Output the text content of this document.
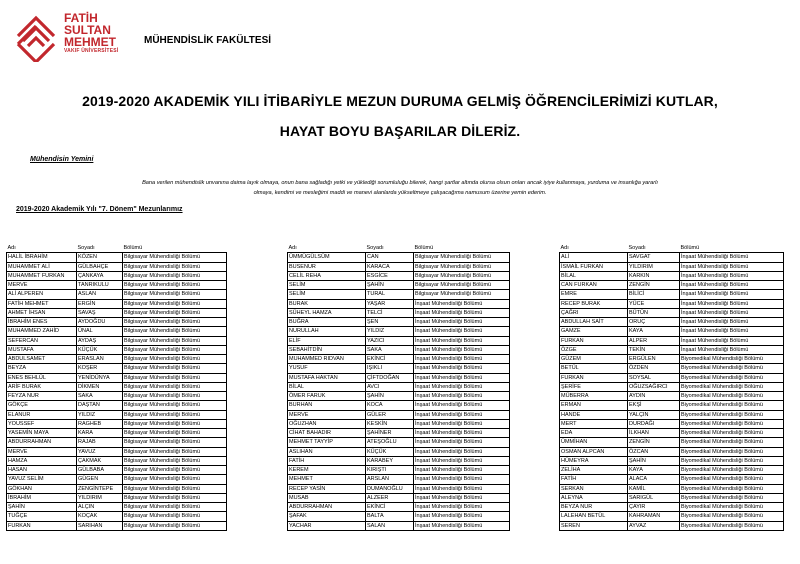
FATİH
SULTAN
MEHMET
VAKIF ÜNİVERSİTESİ
MÜHENDİSLİK FAKÜLTESİ
2019-2020 AKADEMİK YILI İTİBARİYLE MEZUN DURUMA GELMİŞ ÖĞRENCİLERİMİZİ KUTLAR,
HAYAT BOYU BAŞARILAR DİLERİZ.
Mühendisin Yemini
Bana verilen mühendislik unvanına daima layık olmaya, onun bana sağladığı yetki ve yüklediği sorumluluğu bilerek, hangi şartlar altında olursa olsun onları ancak iyiye kullanmaya, yurduma ve insanlığa yararlı
olmaya, kendimi ve mesleğimi maddi ve manevi alanlarda yükseltmeye çalışacağıma namusum üzerine yemin ederim.
2019-2020 Akademik Yılı "7. Dönem" Mezunlarımız
Adı	Soyadı	Bölümü
HALİL İBRAHİM	KÖZEN	Bilgisayar Mühendisliği Bölümü
MUHAMMET ALİ	GÜLBAHÇE	Bilgisayar Mühendisliği Bölümü
MUHAMMET FURKAN	ÇANKAYA	Bilgisayar Mühendisliği Bölümü
MERVE	TANRIKULU	Bilgisayar Mühendisliği Bölümü
ALİ ALPEREN	ASLAN	Bilgisayar Mühendisliği Bölümü
FATİH MEHMET	ERGİN	Bilgisayar Mühendisliği Bölümü
AHMET İHSAN	SAVAŞ	Bilgisayar Mühendisliği Bölümü
İBRAHİM ENES	AYDOĞDU	Bilgisayar Mühendisliği Bölümü
MUHAMMED ZAHİD	ÜNAL	Bilgisayar Mühendisliği Bölümü
SEFERCAN	AYDAŞ	Bilgisayar Mühendisliği Bölümü
MUSTAFA	KÜÇÜK	Bilgisayar Mühendisliği Bölümü
ABDULSAMET	ERASLAN	Bilgisayar Mühendisliği Bölümü
BEYZA	KOŞER	Bilgisayar Mühendisliği Bölümü
ENES BEHLÜL	YENİDÜNYA	Bilgisayar Mühendisliği Bölümü
ARİF BURAK	DİKMEN	Bilgisayar Mühendisliği Bölümü
FEYZA NUR	SAKA	Bilgisayar Mühendisliği Bölümü
GÖKÇE	DAŞTAN	Bilgisayar Mühendisliği Bölümü
ELANUR	YILDIZ	Bilgisayar Mühendisliği Bölümü
YOUSSEF	RAGHEB	Bilgisayar Mühendisliği Bölümü
YASEMİN MAYA	KARA	Bilgisayar Mühendisliği Bölümü
ABDURRAHMAN	RAJAB	Bilgisayar Mühendisliği Bölümü
MERVE	YAVUZ	Bilgisayar Mühendisliği Bölümü
HAMZA	ÇAKMAK	Bilgisayar Mühendisliği Bölümü
HASAN	GÜLBABA	Bilgisayar Mühendisliği Bölümü
YAVUZ SELİM	GÜGEN	Bilgisayar Mühendisliği Bölümü
GÖKHAN	ZENGİNTEPE	Bilgisayar Mühendisliği Bölümü
İBRAHİM	YILDIRIM	Bilgisayar Mühendisliği Bölümü
ŞAHİN	ALÇIN	Bilgisayar Mühendisliği Bölümü
TUĞÇE	KOÇAK	Bilgisayar Mühendisliği Bölümü
FURKAN	SARIHAN	Bilgisayar Mühendisliği Bölümü
Adı	Soyadı	Bölümü
ÜMMÜGÜLSÜM	CAN	Bilgisayar Mühendisliği Bölümü
BUSENUR	KARACA	Bilgisayar Mühendisliği Bölümü
CELİL REHA	ESGİCE	Bilgisayar Mühendisliği Bölümü
SELİM	ŞAHİN	Bilgisayar Mühendisliği Bölümü
SELİM	TURAL	Bilgisayar Mühendisliği Bölümü
BURAK	YAŞAR	İnşaat Mühendisliği Bölümü
SÜHEYL HAMZA	TELCİ	İnşaat Mühendisliği Bölümü
BUĞRA	ŞEN	İnşaat Mühendisliği Bölümü
NURULLAH	YILDIZ	İnşaat Mühendisliği Bölümü
ELİF	YAZICI	İnşaat Mühendisliği Bölümü
SEBAHİTDİN	SAKA	İnşaat Mühendisliği Bölümü
MUHAMMED RIDVAN	EKİNCİ	İnşaat Mühendisliği Bölümü
YUSUF	IŞIKLI	İnşaat Mühendisliği Bölümü
MUSTAFA HAKTAN	ÇİFTDOĞAN	İnşaat Mühendisliği Bölümü
BİLAL	AVCI	İnşaat Mühendisliği Bölümü
ÖMER FARUK	ŞAHİN	İnşaat Mühendisliği Bölümü
BURHAN	KOCA	İnşaat Mühendisliği Bölümü
MERVE	GÜLER	İnşaat Mühendisliği Bölümü
OĞUZHAN	KESKİN	İnşaat Mühendisliği Bölümü
CİHAT BAHADIR	ŞAHİNER	İnşaat Mühendisliği Bölümü
MEHMET TAYYİP	ATEŞOĞLU	İnşaat Mühendisliği Bölümü
ASLIHAN	KÜÇÜK	İnşaat Mühendisliği Bölümü
FATİH	KARABEY	İnşaat Mühendisliği Bölümü
KEREM	KIRIŞTI	İnşaat Mühendisliği Bölümü
MEHMET	ARSLAN	İnşaat Mühendisliği Bölümü
RECEP YASİN	DUMANOĞLU	İnşaat Mühendisliği Bölümü
MUSAB	ALZEER	İnşaat Mühendisliği Bölümü
ABDURRAHMAN	EKİNCİ	İnşaat Mühendisliği Bölümü
ŞAFAK	BALTA	İnşaat Mühendisliği Bölümü
YACHAR	SALAN	İnşaat Mühendisliği Bölümü
Adı	Soyadı	Bölümü
ALİ	SAVGAT	İnşaat Mühendisliği Bölümü
İSMAİL FURKAN	YILDIRIM	İnşaat Mühendisliği Bölümü
BİLAL	KARKIN	İnşaat Mühendisliği Bölümü
CAN FURKAN	ZENGİN	İnşaat Mühendisliği Bölümü
EMRE	BİLİCİ	İnşaat Mühendisliği Bölümü
RECEP BURAK	YÜCE	İnşaat Mühendisliği Bölümü
ÇAĞRI	BÜTÜN	İnşaat Mühendisliği Bölümü
ABDULLAH SAİT	ORUÇ	İnşaat Mühendisliği Bölümü
GAMZE	KAYA	İnşaat Mühendisliği Bölümü
FURKAN	ALPER	İnşaat Mühendisliği Bölümü
ÖZGE	TEKİN	İnşaat Mühendisliği Bölümü
GÜZEM	ERGÜLEN	Biyomedikal Mühendisliği Bölümü
BETÜL	ÖZDEN	Biyomedikal Mühendisliği Bölümü
FURKAN	SOYSAL	Biyomedikal Mühendisliği Bölümü
ŞERİFE	OĞUZSAĞIRCI	Biyomedikal Mühendisliği Bölümü
MÜBERRA	AYDIN	Biyomedikal Mühendisliği Bölümü
ERMAN	EKŞİ	Biyomedikal Mühendisliği Bölümü
HANDE	YALÇIN	Biyomedikal Mühendisliği Bölümü
MERT	DURDAĞI	Biyomedikal Mühendisliği Bölümü
EDA	İLKHAN	Biyomedikal Mühendisliği Bölümü
ÜMMİHAN	ZENGİN	Biyomedikal Mühendisliği Bölümü
OSMAN ALPCAN	ÖZCAN	Biyomedikal Mühendisliği Bölümü
HÜMEYRA	ŞAHİN	Biyomedikal Mühendisliği Bölümü
ZELİHA	KAYA	Biyomedikal Mühendisliği Bölümü
FATİH	ALACA	Biyomedikal Mühendisliği Bölümü
SERKAN	KAMİL	Biyomedikal Mühendisliği Bölümü
ALEYNA	SARIGÜL	Biyomedikal Mühendisliği Bölümü
BEYZA NUR	ÇAYIR	Biyomedikal Mühendisliği Bölümü
LALEHAN BETÜL	KAHRAMAN	Biyomedikal Mühendisliği Bölümü
SEREN	AYVAZ	Biyomedikal Mühendisliği Bölümü
